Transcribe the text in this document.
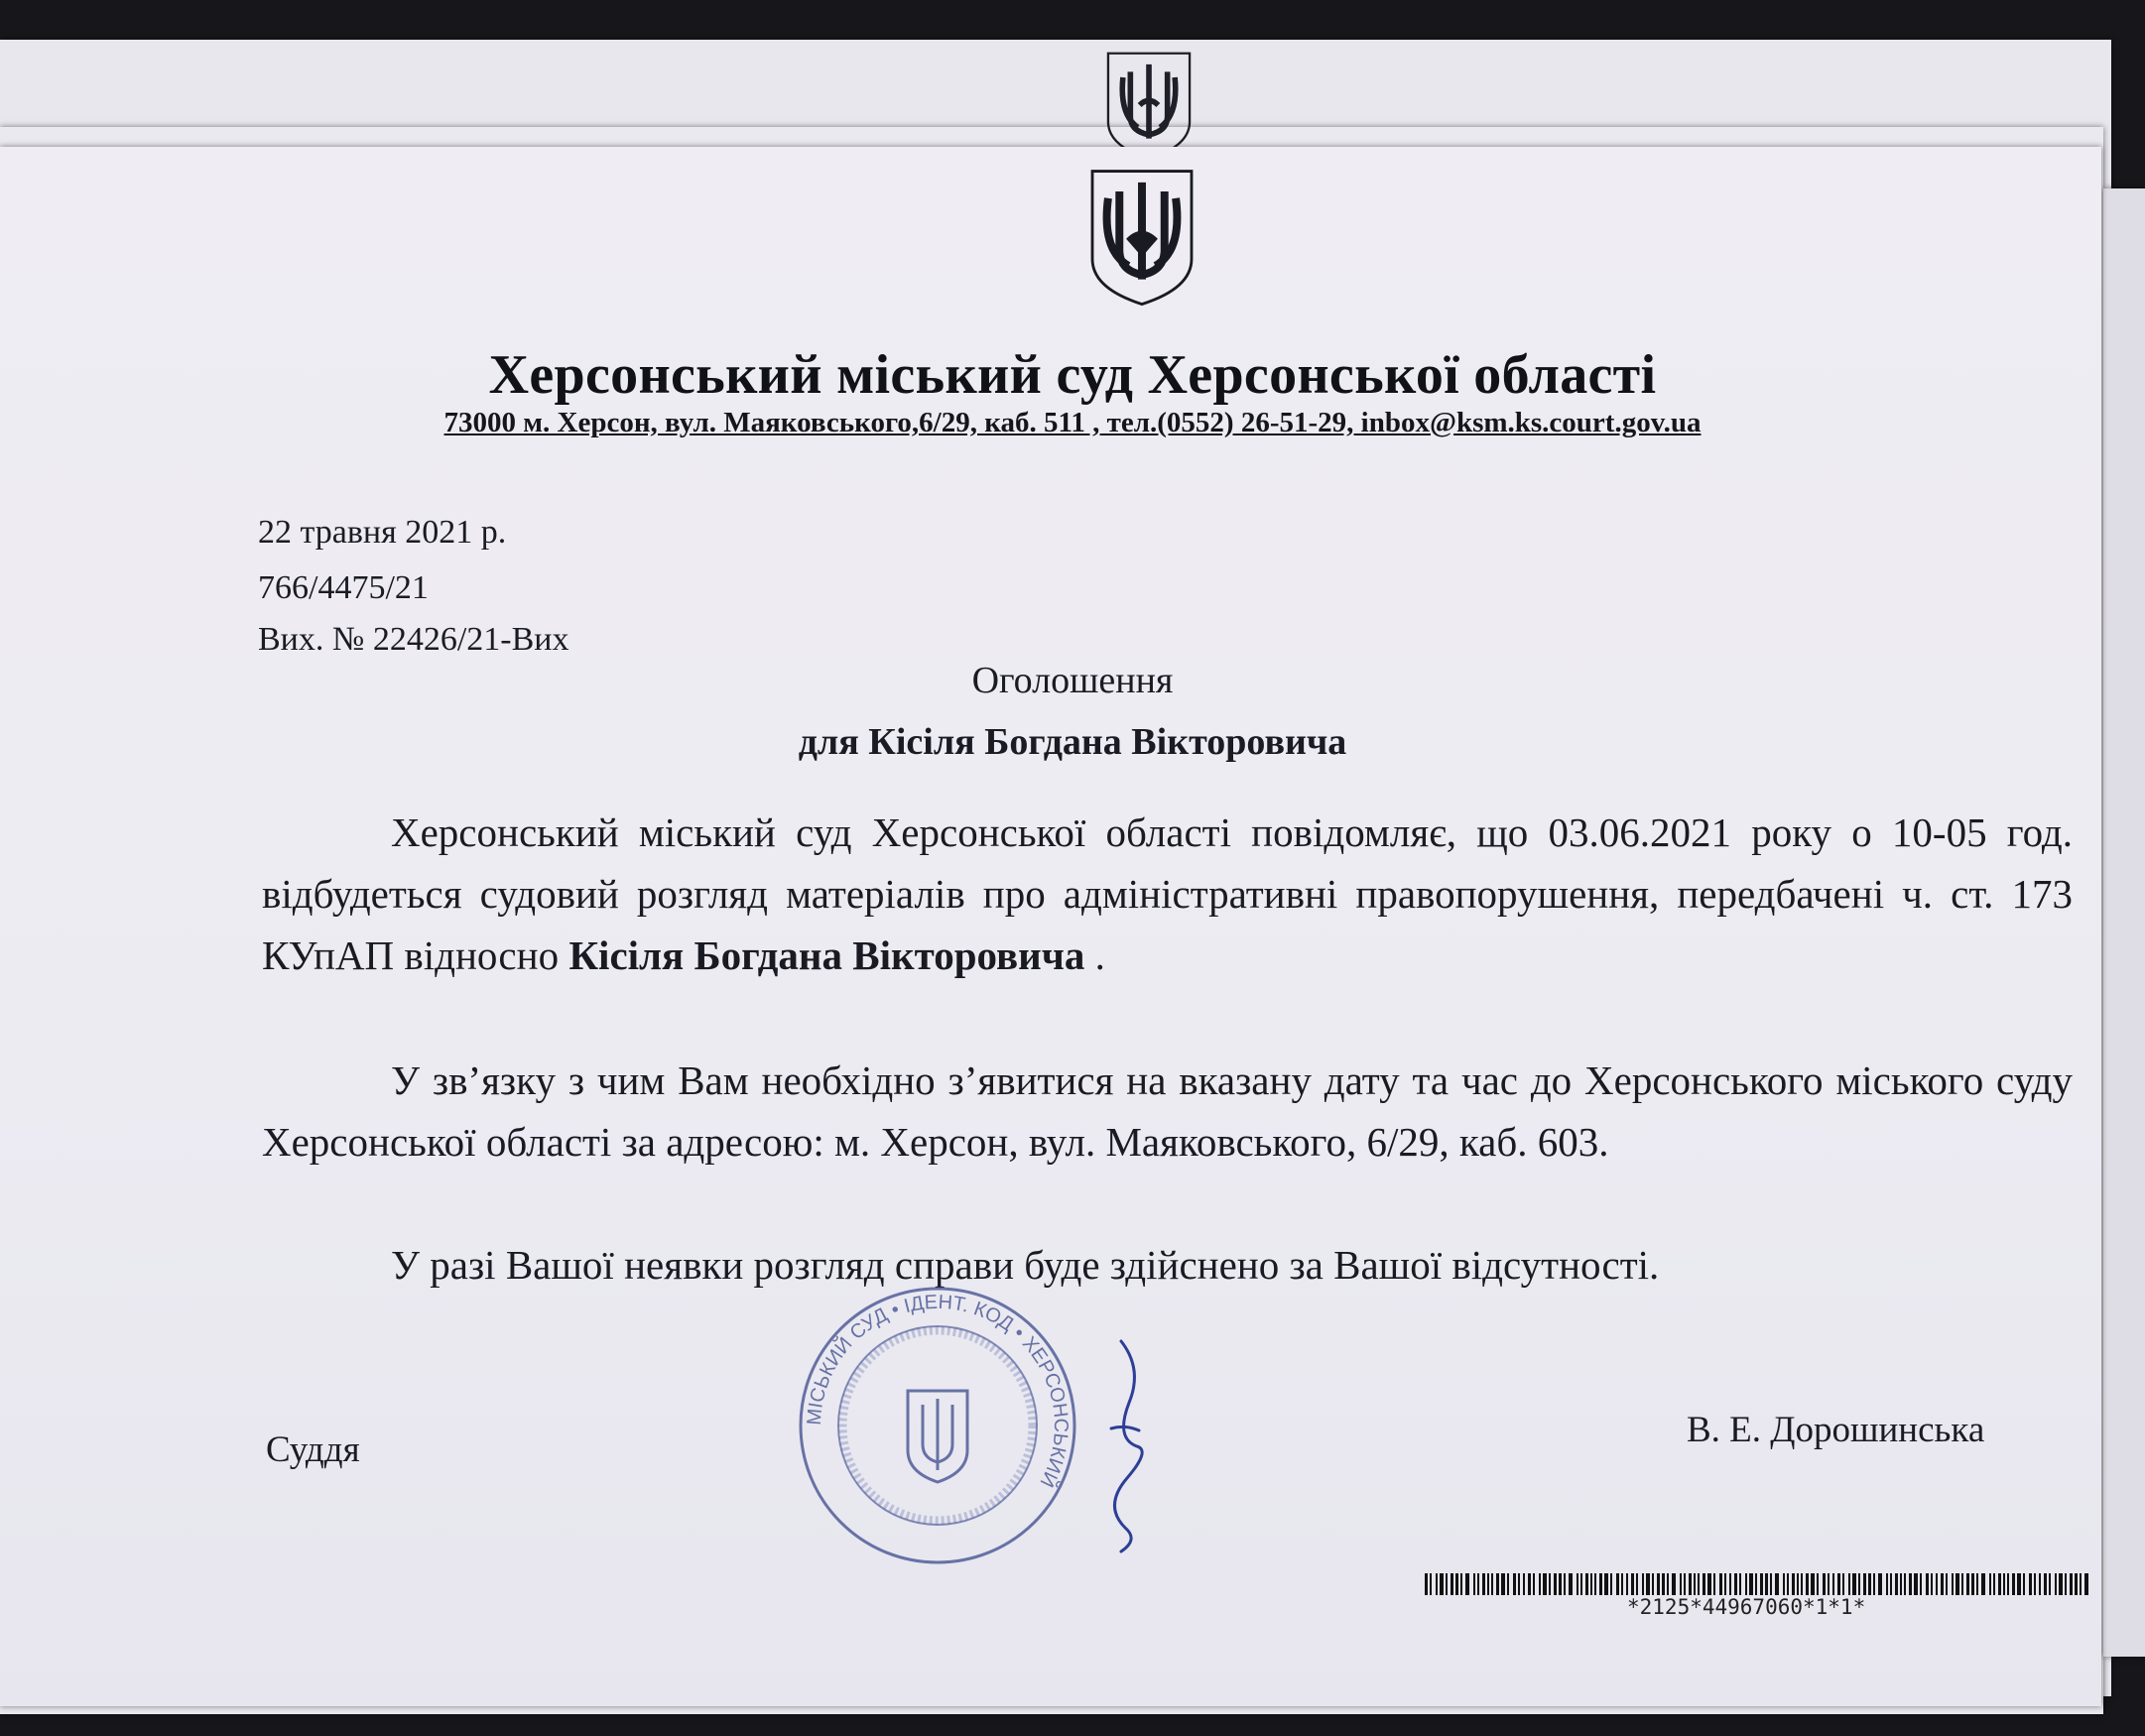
Херсонський міський суд Херсонської області
73000 м. Херсон, вул. Маяковського,6/29, каб. 511 , тел.(0552) 26-51-29, inbox@ksm.ks.court.gov.ua
22 травня 2021 р.
766/4475/21
Вих. № 22426/21-Вих
Оголошення
для Кісіля Богдана Вікторовича
Херсонський міський суд Херсонської області повідомляє, що 03.06.2021 року о 10-05 год. відбудеться судовий розгляд матеріалів про адміністративні правопорушення, передбачені ч. ст. 173 КУпАП відносно Кісіля Богдана Вікторовича .
У зв’язку з чим Вам необхідно з’явитися на вказану дату та час до Херсонського міського суду Херсонської області за адресою: м. Херсон, вул. Маяковського, 6/29, каб. 603.
У разі Вашої неявки розгляд справи буде здійснено за Вашої відсутності.
МІСЬКИЙ СУД • ІДЕНТ. КОД • ХЕРСОНСЬКИЙ
Суддя	В. Е. Дорошинська
*2125*44967060*1*1*
